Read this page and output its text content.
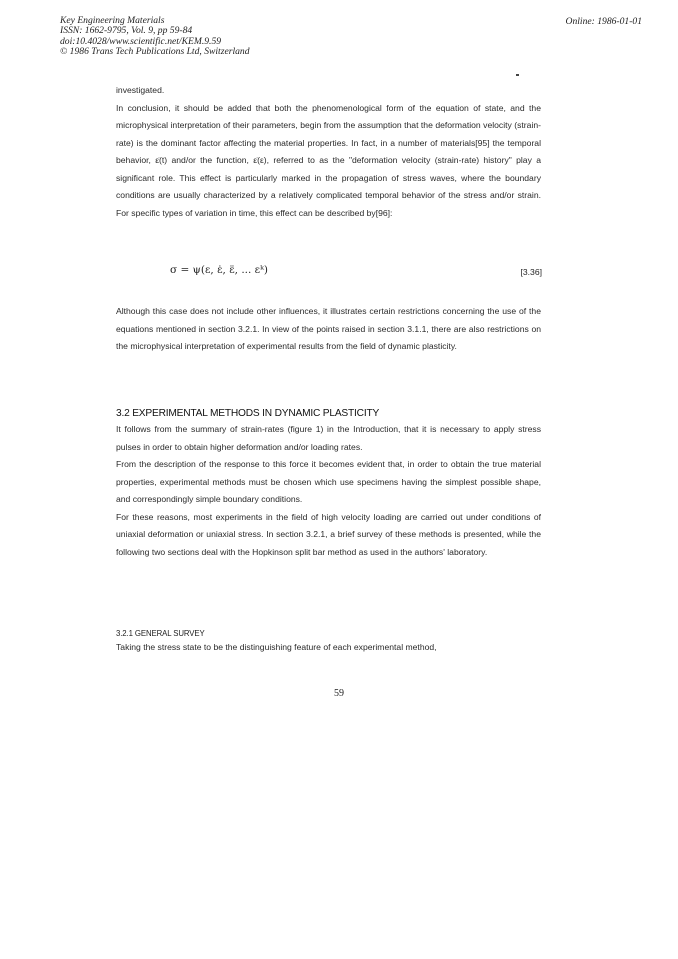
Key Engineering Materials
ISSN: 1662-9795, Vol. 9, pp 59-84
doi:10.4028/www.scientific.net/KEM.9.59
© 1986 Trans Tech Publications Ltd, Switzerland
Online: 1986-01-01

investigated.

In conclusion, it should be added that both the phenomenological form of the equation of state, and the microphysical interpretation of their parameters, begin from the assumption that the deformation velocity (strain-rate) is the dominant factor affecting the material properties. In fact, in a number of materials[95] the temporal behavior, ε̇(t) and/or the function, ε̇(ε), referred to as the "deformation velocity (strain-rate) history" play a significant role. This effect is particularly marked in the propagation of stress waves, where the boundary conditions are usually characterized by a relatively complicated temporal behavior of the stress and/or strain. For specific types of variation in time, this effect can be described by[96]:

σ = ψ(ε, ε̇, ε̈, ... εᵏ)	[3.36]

Although this case does not include other influences, it illustrates certain restrictions concerning the use of the equations mentioned in section 3.2.1. In view of the points raised in section 3.1.1, there are also restrictions on the microphysical interpretation of experimental results from the field of dynamic plasticity.

3.2 EXPERIMENTAL METHODS IN DYNAMIC PLASTICITY

It follows from the summary of strain-rates (figure 1) in the Introduction, that it is necessary to apply stress pulses in order to obtain higher deformation and/or loading rates.

From the description of the response to this force it becomes evident that, in order to obtain the true material properties, experimental methods must be chosen which use specimens having the simplest possible shape, and correspondingly simple boundary conditions.

For these reasons, most experiments in the field of high velocity loading are carried out under conditions of uniaxial deformation or uniaxial stress. In section 3.2.1, a brief survey of these methods is presented, while the following two sections deal with the Hopkinson split bar method as used in the authors' laboratory.

3.2.1 GENERAL SURVEY

Taking the stress state to be the distinguishing feature of each experimental method,

59
